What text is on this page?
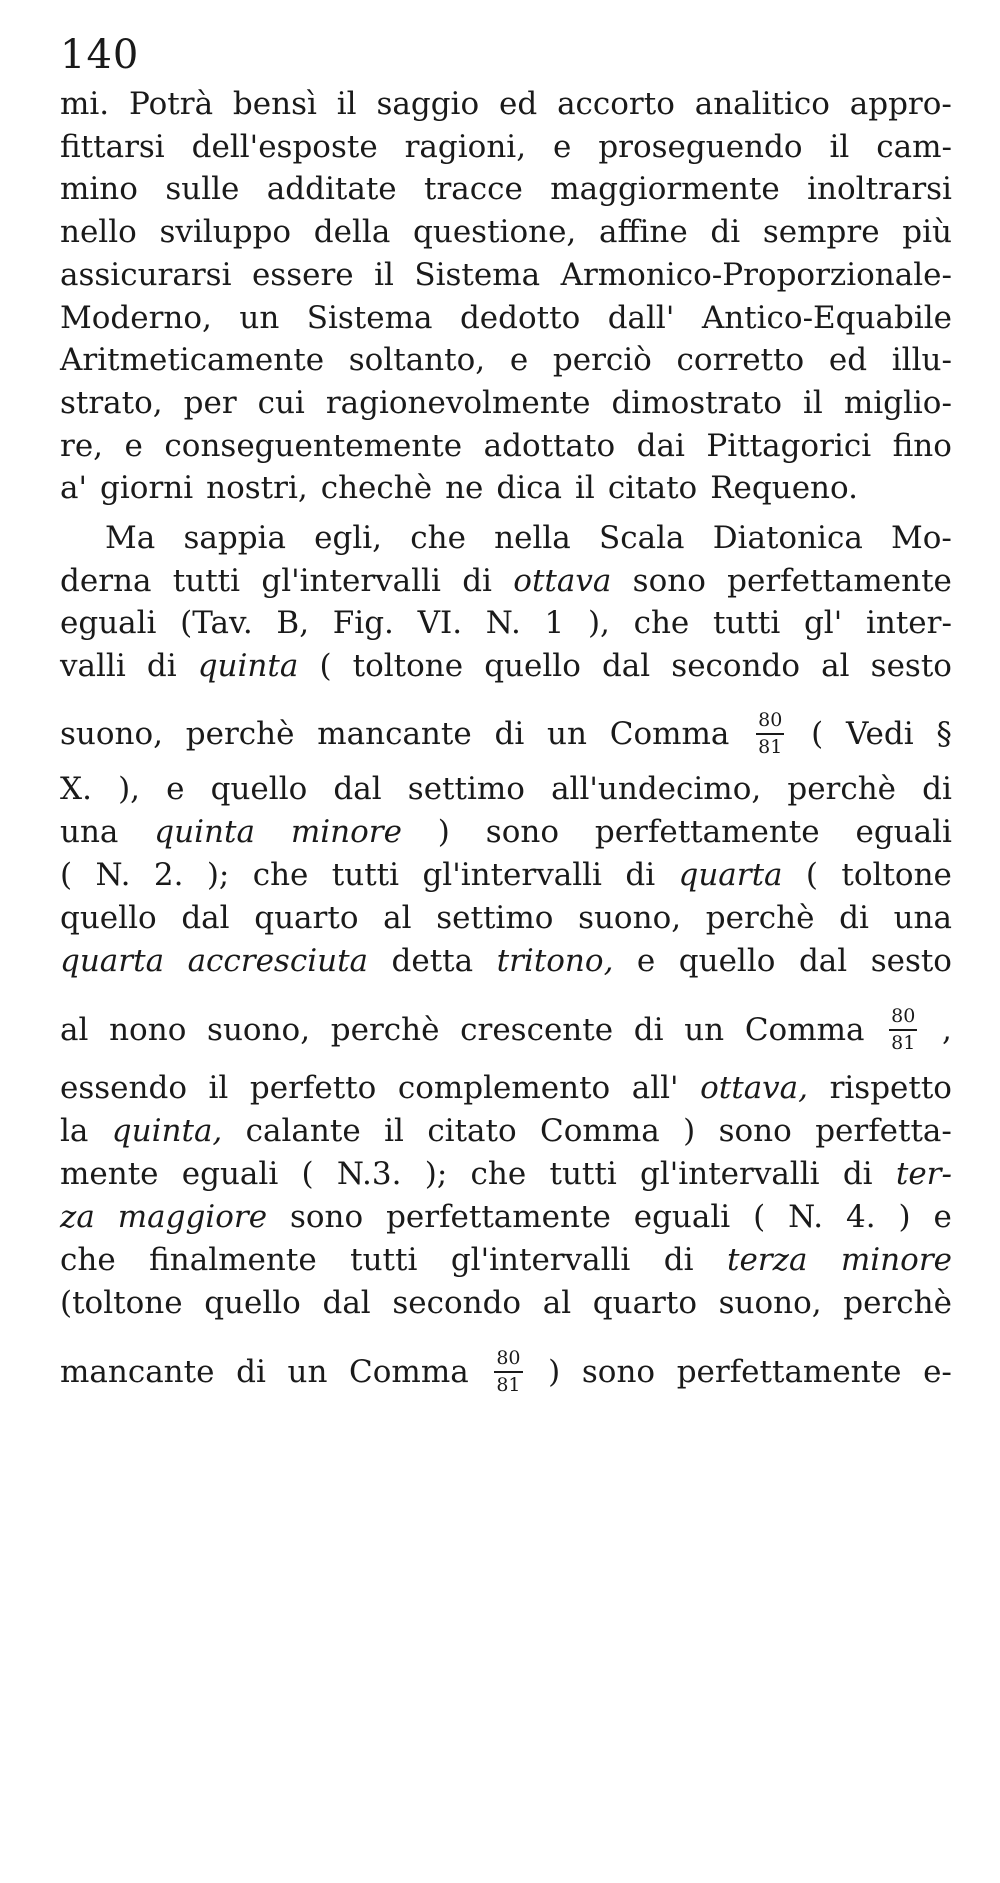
140
mi. Potrà bensì il saggio ed accorto analitico appro-
fittarsi dell'esposte ragioni, e proseguendo il cam-
mino sulle additate tracce maggiormente inoltrarsi
nello sviluppo della questione, affine di sempre più
assicurarsi essere il Sistema Armonico-Proporzionale-
Moderno, un Sistema dedotto dall' Antico-Equabile
Aritmeticamente soltanto, e perciò corretto ed illu-
strato, per cui ragionevolmente dimostrato il miglio-
re, e conseguentemente adottato dai Pittagorici fino
a' giorni nostri, chechè ne dica il citato Requeno.
Ma sappia egli, che nella Scala Diatonica Mo-
derna tutti gl'intervalli di ottava sono perfettamente
eguali (Tav. B, Fig. VI. N. 1 ), che tutti gl' inter-
valli di quinta ( toltone quello dal secondo al sesto
suono, perchè mancante di un Comma $\frac{80}{81}$ ( Vedi §
X. ), e quello dal settimo all'undecimo, perchè di
una quinta minore ) sono perfettamente eguali
( N. 2. ); che tutti gl'intervalli di quarta ( toltone
quello dal quarto al settimo suono, perchè di una
quarta accresciuta detta tritono, e quello dal sesto
al nono suono, perchè crescente di un Comma $\frac{80}{81}$ ,
essendo il perfetto complemento all' ottava, rispetto
la quinta, calante il citato Comma ) sono perfetta-
mente eguali ( N.3. ); che tutti gl'intervalli di ter-
za maggiore sono perfettamente eguali ( N. 4. ) e
che finalmente tutti gl'intervalli di terza minore
(toltone quello dal secondo al quarto suono, perchè
mancante di un Comma $\frac{80}{81}$ ) sono perfettamente e-
